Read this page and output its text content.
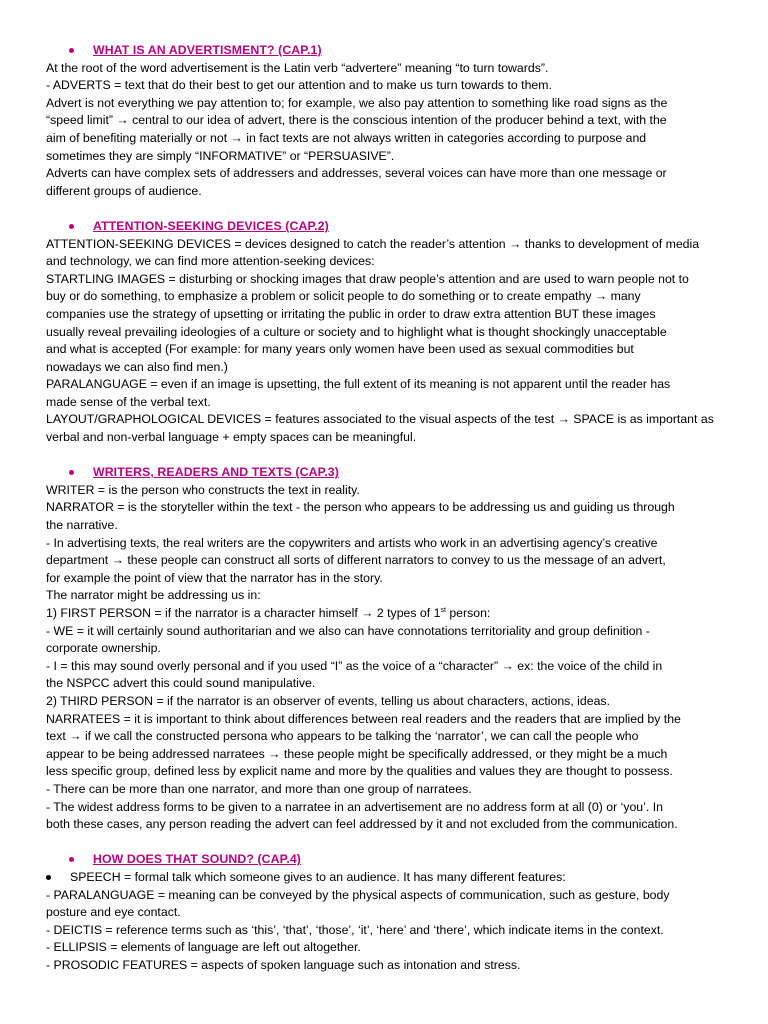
WHAT IS AN ADVERTISMENT? (CAP.1)
At the root of the word advertisement is the Latin verb “advertere” meaning “to turn towards”.
- ADVERTS = text that do their best to get our attention and to make us turn towards to them.
Advert is not everything we pay attention to; for example, we also pay attention to something like road signs as the
“speed limit” → central to our idea of advert, there is the conscious intention of the producer behind a text, with the
aim of benefiting materially or not → in fact texts are not always written in categories according to purpose and
sometimes they are simply “INFORMATIVE” or “PERSUASIVE”.
Adverts can have complex sets of addressers and addresses, several voices can have more than one message or
different groups of audience.
ATTENTION-SEEKING DEVICES (CAP.2)
ATTENTION-SEEKING DEVICES = devices designed to catch the reader’s attention → thanks to development of media
and technology, we can find more attention-seeking devices:
STARTLING IMAGES = disturbing or shocking images that draw people’s attention and are used to warn people not to
buy or do something, to emphasize a problem or solicit people to do something or to create empathy → many
companies use the strategy of upsetting or irritating the public in order to draw extra attention BUT these images
usually reveal prevailing ideologies of a culture or society and to highlight what is thought shockingly unacceptable
and what is accepted (For example: for many years only women have been used as sexual commodities but
nowadays we can also find men.)
PARALANGUAGE = even if an image is upsetting, the full extent of its meaning is not apparent until the reader has
made sense of the verbal text.
LAYOUT/GRAPHOLOGICAL DEVICES = features associated to the visual aspects of the test → SPACE is as important as
verbal and non-verbal language + empty spaces can be meaningful.
WRITERS, READERS AND TEXTS (CAP.3)
WRITER = is the person who constructs the text in reality.
NARRATOR = is the storyteller within the text - the person who appears to be addressing us and guiding us through
the narrative.
- In advertising texts, the real writers are the copywriters and artists who work in an advertising agency’s creative
department → these people can construct all sorts of different narrators to convey to us the message of an advert,
for example the point of view that the narrator has in the story.
The narrator might be addressing us in:
1) FIRST PERSON = if the narrator is a character himself → 2 types of 1st person:
- WE = it will certainly sound authoritarian and we also can have connotations territoriality and group definition -
corporate ownership.
- I = this may sound overly personal and if you used “I” as the voice of a “character” → ex: the voice of the child in
the NSPCC advert this could sound manipulative.
2) THIRD PERSON = if the narrator is an observer of events, telling us about characters, actions, ideas.
NARRATEES = it is important to think about differences between real readers and the readers that are implied by the
text → if we call the constructed persona who appears to be talking the ‘narrator’, we can call the people who
appear to be being addressed narratees → these people might be specifically addressed, or they might be a much
less specific group, defined less by explicit name and more by the qualities and values they are thought to possess.
- There can be more than one narrator, and more than one group of narratees.
- The widest address forms to be given to a narratee in an advertisement are no address form at all (0) or ‘you’. In
both these cases, any person reading the advert can feel addressed by it and not excluded from the communication.
HOW DOES THAT SOUND? (CAP.4)
SPEECH = formal talk which someone gives to an audience. It has many different features:
- PARALANGUAGE = meaning can be conveyed by the physical aspects of communication, such as gesture, body
posture and eye contact.
- DEICTIS = reference terms such as ‘this’, ‘that’, ‘those’, ‘it’, ‘here’ and ‘there’, which indicate items in the context.
- ELLIPSIS = elements of language are left out altogether.
- PROSODIC FEATURES = aspects of spoken language such as intonation and stress.
